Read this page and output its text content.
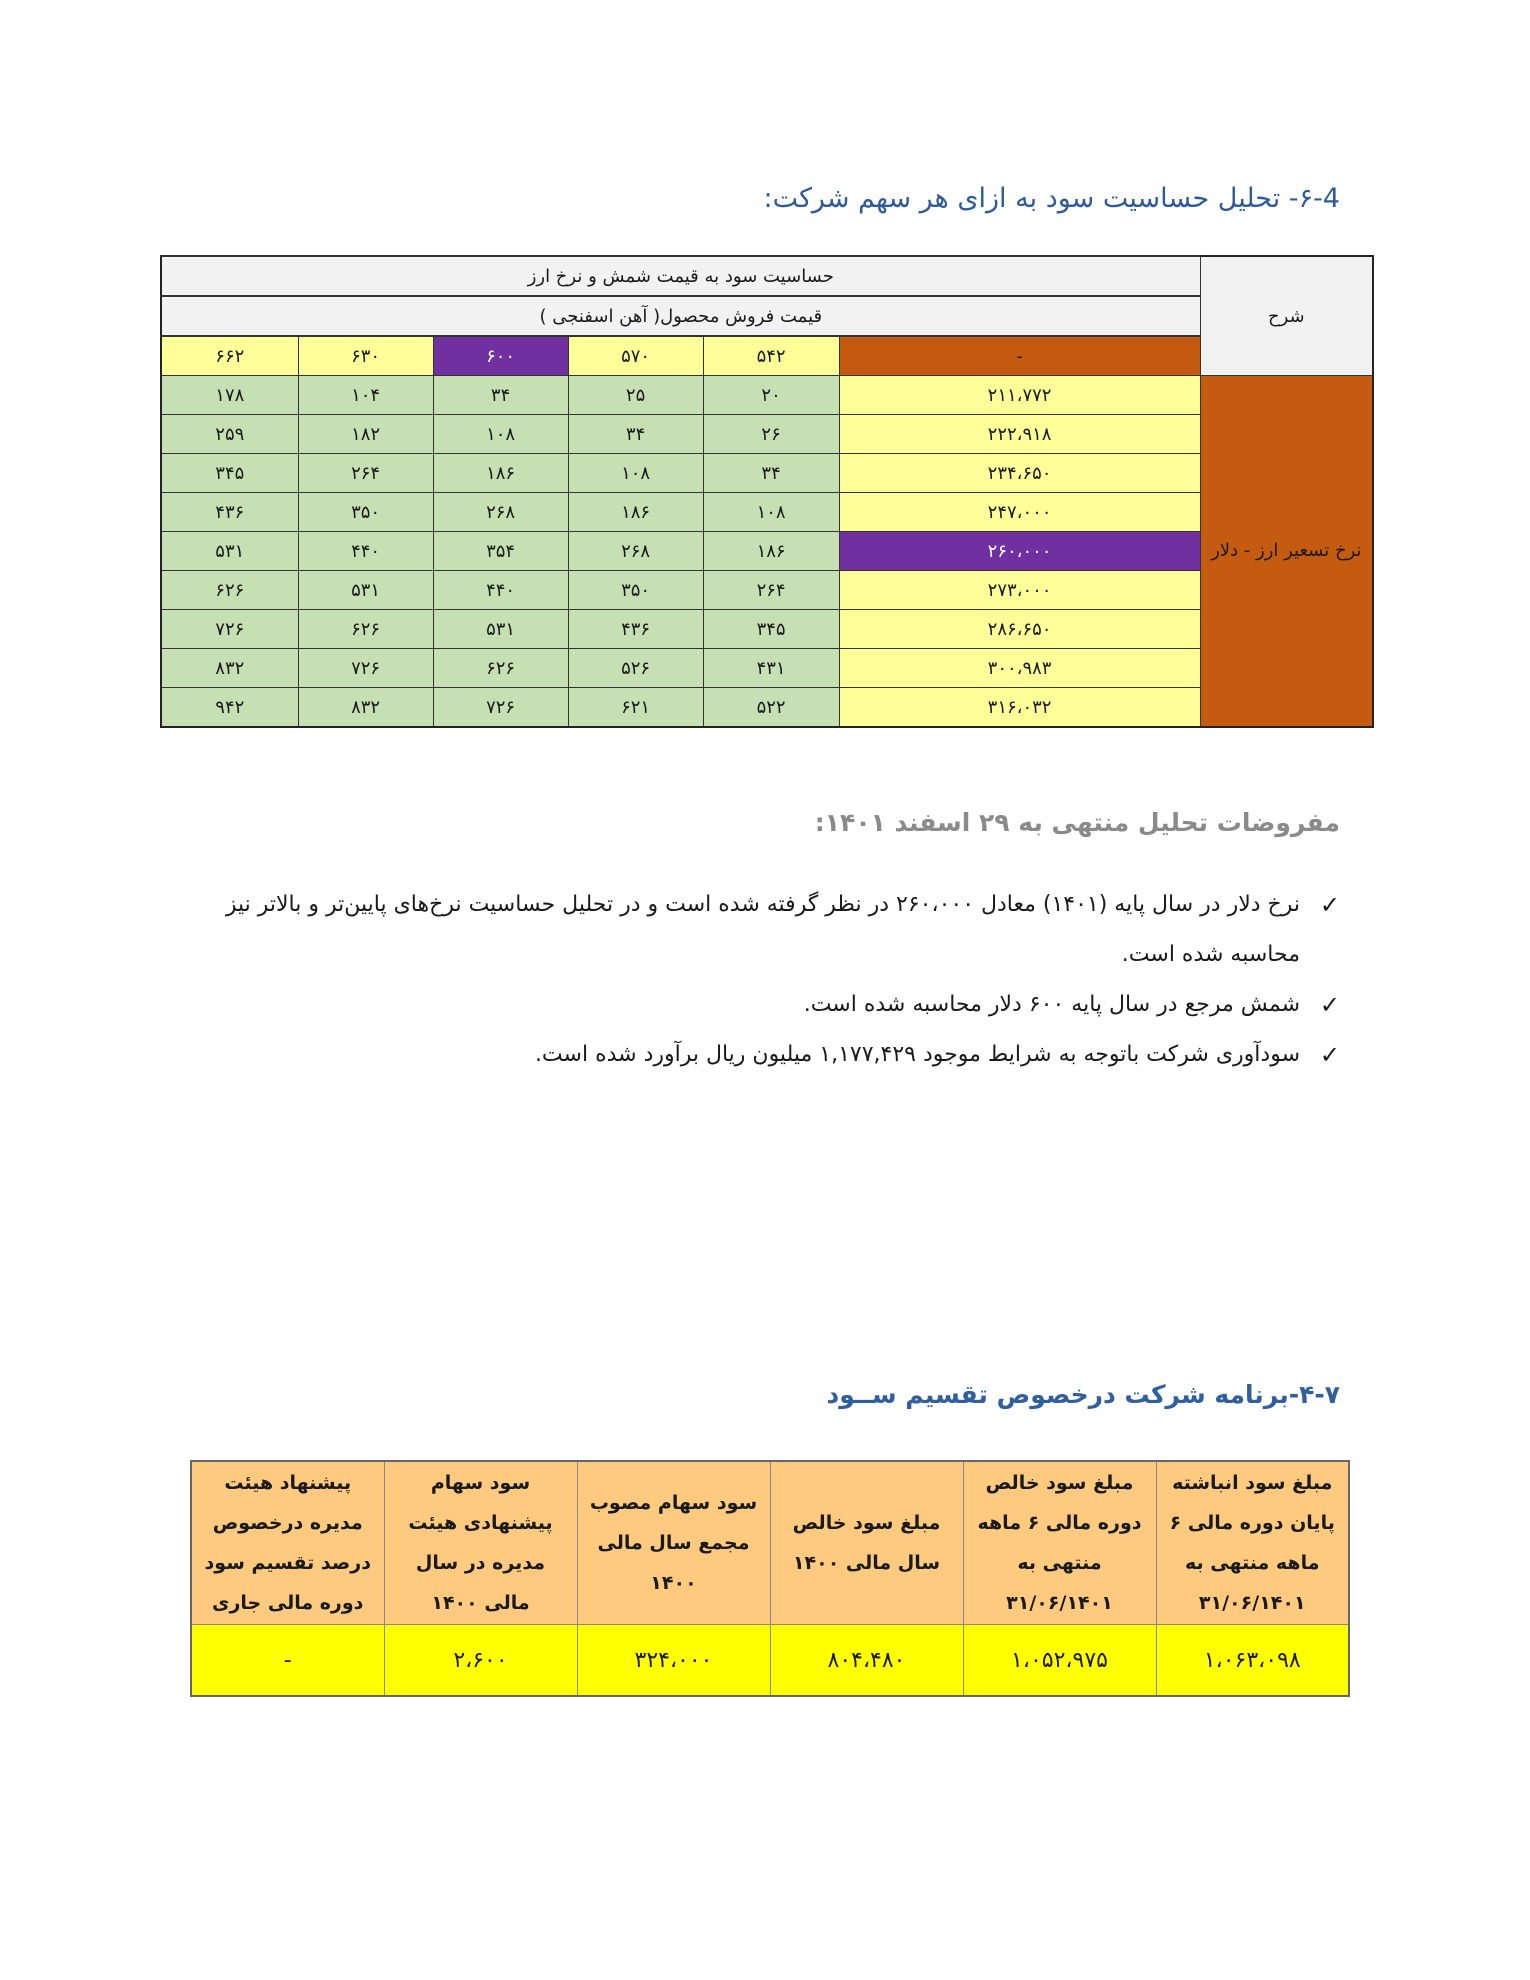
۶-4- تحلیل حساسیت سود به ازای هر سهم شرکت:
شرح	حساسیت سود به قیمت شمش و نرخ ارز					
	قیمت فروش محصول( آهن اسفنجی )					
	-	۵۴۲	۵۷۰	۶۰۰	۶۳۰	۶۶۲
نرخ تسعیر ارز - دلار	۲۱۱،۷۷۲	۲۰	۲۵	۳۴	۱۰۴	۱۷۸
	۲۲۲،۹۱۸	۲۶	۳۴	۱۰۸	۱۸۲	۲۵۹
	۲۳۴،۶۵۰	۳۴	۱۰۸	۱۸۶	۲۶۴	۳۴۵
	۲۴۷،۰۰۰	۱۰۸	۱۸۶	۲۶۸	۳۵۰	۴۳۶
	۲۶۰،۰۰۰	۱۸۶	۲۶۸	۳۵۴	۴۴۰	۵۳۱
	۲۷۳،۰۰۰	۲۶۴	۳۵۰	۴۴۰	۵۳۱	۶۲۶
	۲۸۶،۶۵۰	۳۴۵	۴۳۶	۵۳۱	۶۲۶	۷۲۶
	۳۰۰،۹۸۳	۴۳۱	۵۲۶	۶۲۶	۷۲۶	۸۳۲
	۳۱۶،۰۳۲	۵۲۲	۶۲۱	۷۲۶	۸۳۲	۹۴۲
مفروضات تحلیل منتهی به ۲۹ اسفند ۱۴۰۱:
✓
نرخ دلار در سال پایه (۱۴۰۱) معادل ۲۶۰،۰۰۰ در نظر گرفته شده است و در تحلیل حساسیت نرخ‌های پایین‌تر و بالاتر نیز محاسبه شده است.
✓
شمش مرجع در سال پایه ۶۰۰ دلار محاسبه شده است.
✓
سودآوری شرکت باتوجه به شرایط موجود ۱,۱۷۷,۴۲۹ میلیون ریال برآورد شده است.
۴-۷-برنامه شرکت درخصوص تقسیم ســود
مبلغ سود انباشته پایان دوره مالی ۶ ماهه منتهی به ۳۱/۰۶/۱۴۰۱	مبلغ سود خالص دوره مالی ۶ ماهه منتهی به ۳۱/۰۶/۱۴۰۱	مبلغ سود خالص سال مالی ۱۴۰۰	سود سهام مصوب مجمع سال مالی ۱۴۰۰	سود سهام پیشنهادی هیئت مدیره در سال مالی ۱۴۰۰	پیشنهاد هیئت مدیره درخصوص درصد تقسیم سود دوره مالی جاری
۱،۰۶۳،۰۹۸	۱،۰۵۲،۹۷۵	۸۰۴،۴۸۰	۳۲۴،۰۰۰	۲،۶۰۰	-
